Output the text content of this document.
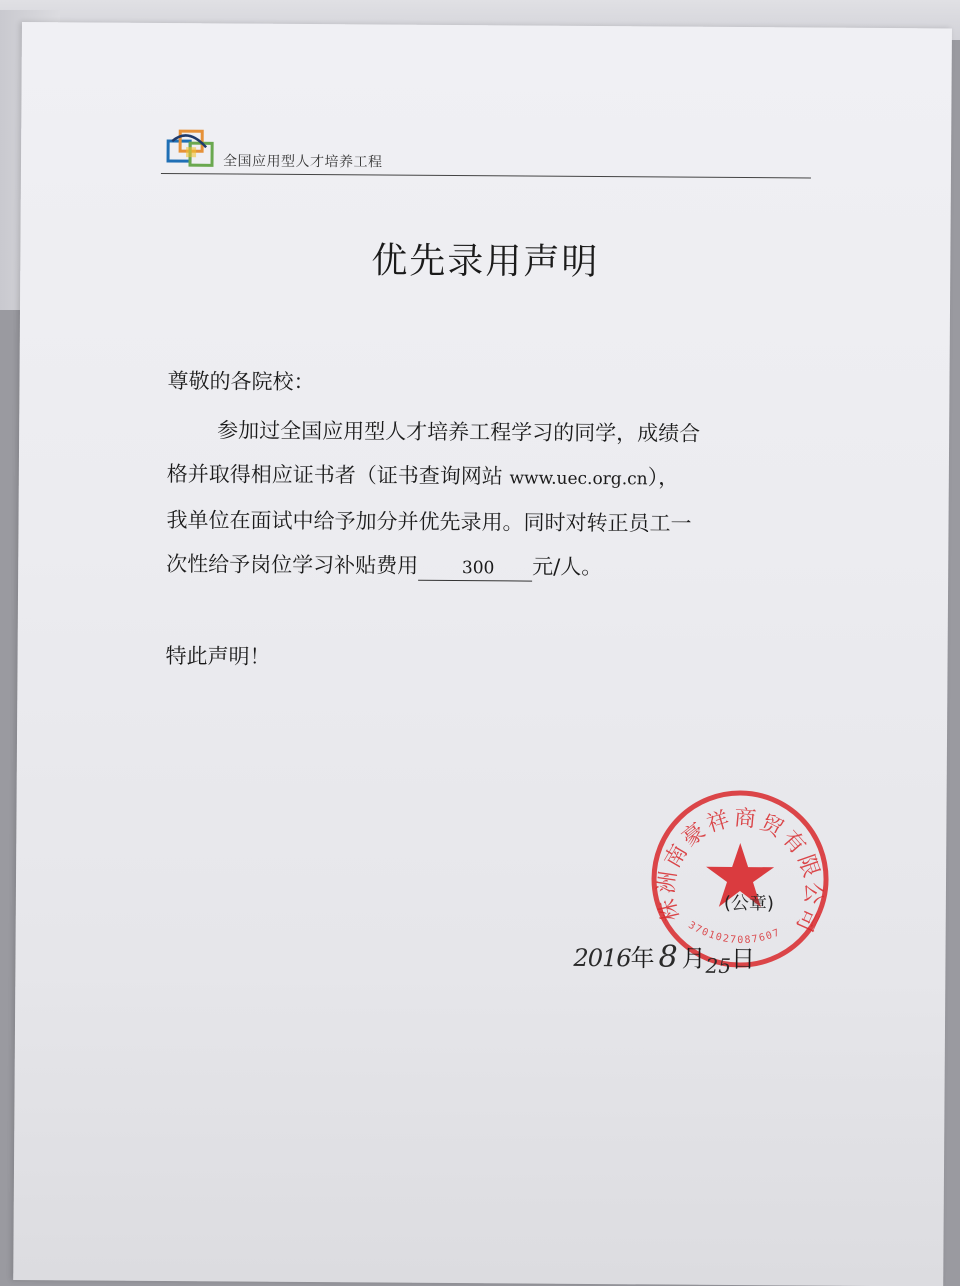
全国应用型人才培养工程
优先录用声明
尊敬的各院校：
参加过全国应用型人才培养工程学习的同学，成绩合
格并取得相应证书者（证书查询网站 www.uec.org.cn），
我单位在面试中给予加分并优先录用。同时对转正员工一
次性给予岗位学习补贴费用	300 元/人。
特此声明！
株洲南豪祥商贸有限公司
3701027087607
(公章)
2016年 8 月$_{25}$日
